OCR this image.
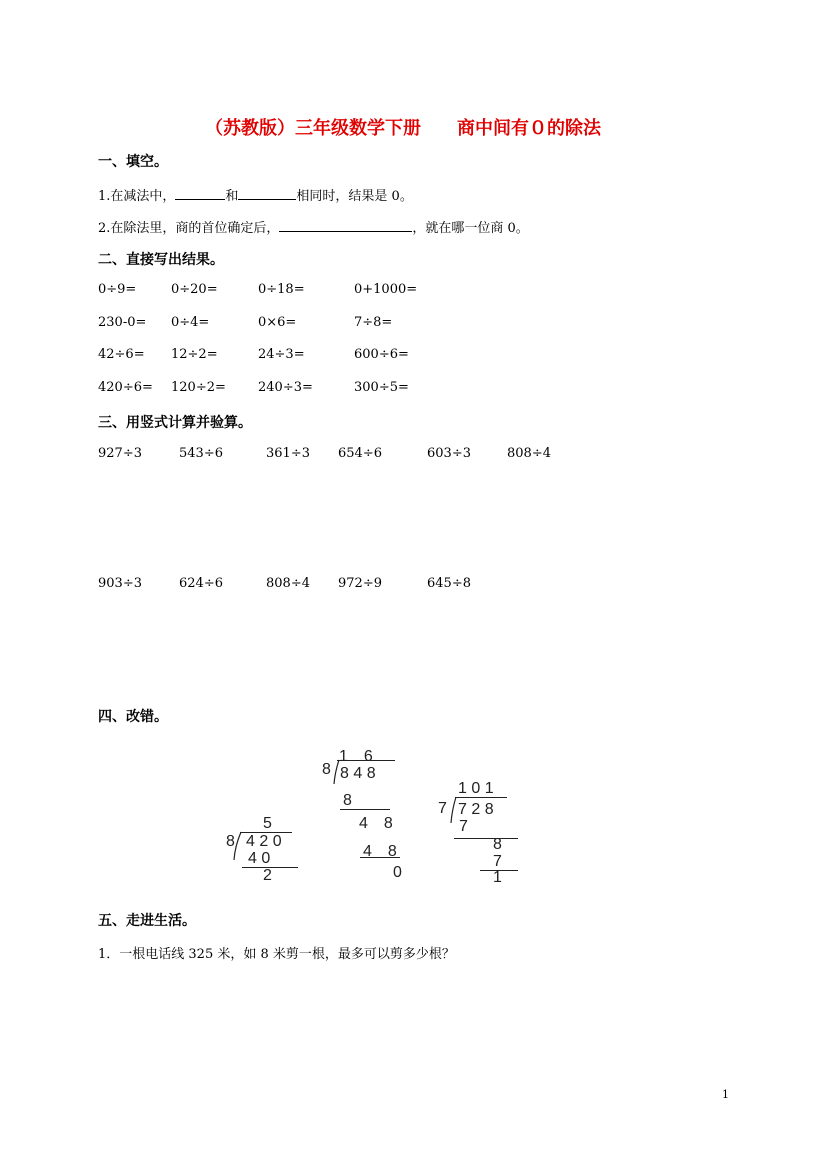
（苏教版）三年级数学下册　　商中间有０的除法
一、填空。
1.在减法中，	和	相同时，结果是 0。
2.在除法里，商的首位确定后，	，就在哪一位商 0。
二、直接写出结果。
0÷9=	0÷20=	0÷18=	0+1000=
230-0= 0÷4=	0×6=	7÷8=
42÷6= 12÷2=	24÷3=	600÷6=
420÷6= 120÷2= 240÷3=	300÷5=
三、用竖式计算并验算。
927÷3	543÷6	361÷3 654÷6	603÷3	808÷4
903÷3	624÷6	808÷4 972÷9	645÷8
四、改错。
5
8 4 2 0
4 0
2
1　6
8 8 4 8
8
4　8
4　8
0
1 0 1
7 7 2 8
7
8
7
1
五、走进生活。
1．一根电话线 325 米，如 8 米剪一根，最多可以剪多少根？
1
